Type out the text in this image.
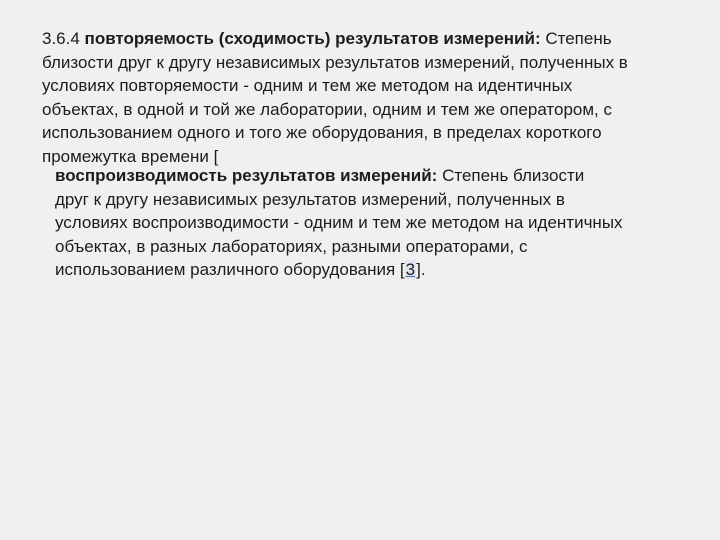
3.6.4 повторяемость (сходимость) результатов измерений: Степень
близости друг к другу независимых результатов измерений, полученных в
условиях повторяемости - одним и тем же методом на идентичных
объектах, в одной и той же лаборатории, одним и тем же оператором, с
использованием одного и того же оборудования, в пределах короткого
промежутка времени [

воспроизводимость результатов измерений: Степень близости
друг к другу независимых результатов измерений, полученных в
условиях воспроизводимости - одним и тем же методом на идентичных
объектах, в разных лабораториях, разными операторами, с
использованием различного оборудования [3].
